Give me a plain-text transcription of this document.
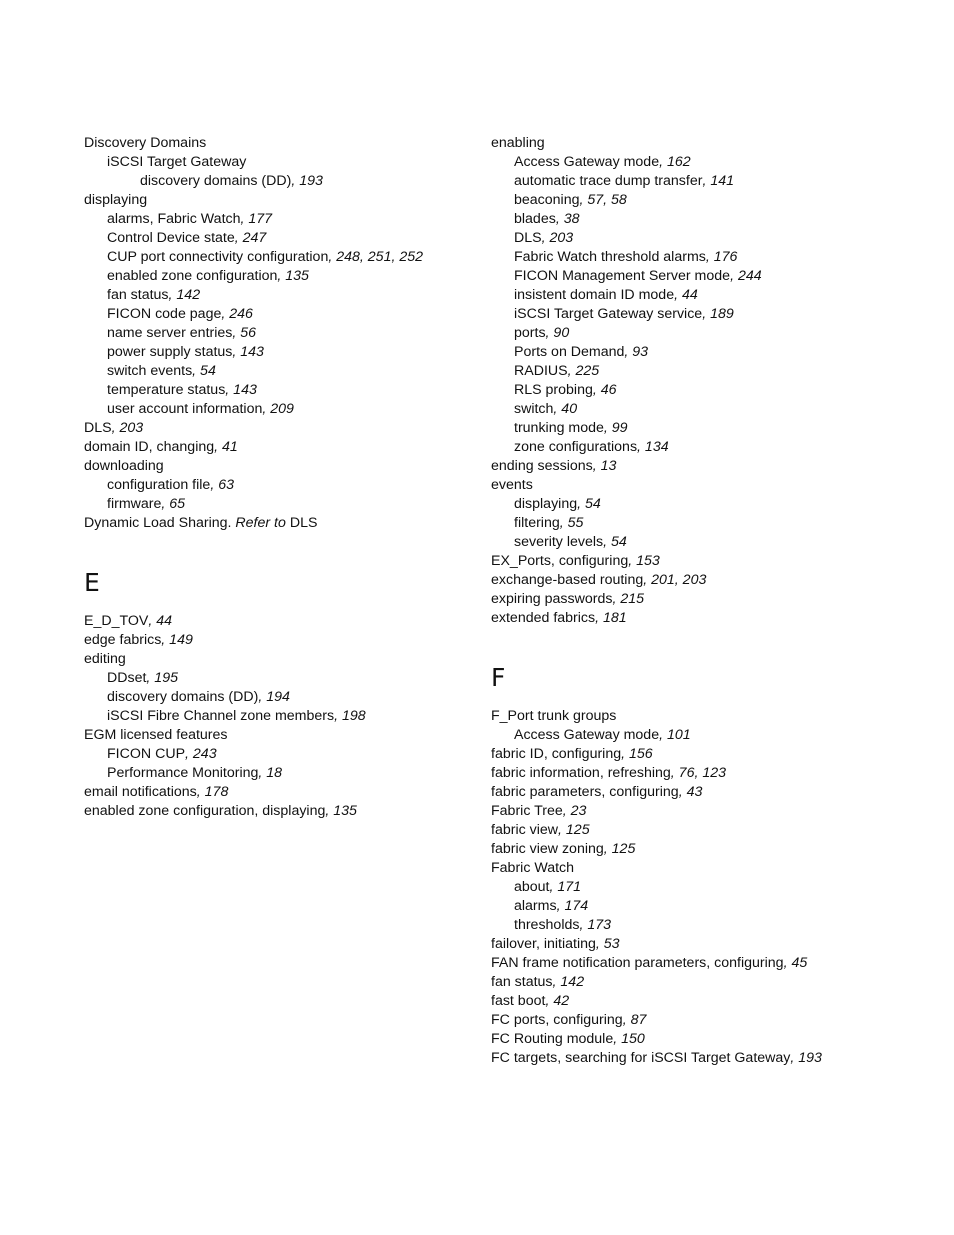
Discovery Domains
iSCSI Target Gateway
discovery domains (DD), 193
displaying
alarms, Fabric Watch, 177
Control Device state, 247
CUP port connectivity configuration, 248, 251, 252
enabled zone configuration, 135
fan status, 142
FICON code page, 246
name server entries, 56
power supply status, 143
switch events, 54
temperature status, 143
user account information, 209
DLS, 203
domain ID, changing, 41
downloading
configuration file, 63
firmware, 65
Dynamic Load Sharing. Refer to DLS
E
E_D_TOV, 44
edge fabrics, 149
editing
DDset, 195
discovery domains (DD), 194
iSCSI Fibre Channel zone members, 198
EGM licensed features
FICON CUP, 243
Performance Monitoring, 18
email notifications, 178
enabled zone configuration, displaying, 135
enabling
Access Gateway mode, 162
automatic trace dump transfer, 141
beaconing, 57, 58
blades, 38
DLS, 203
Fabric Watch threshold alarms, 176
FICON Management Server mode, 244
insistent domain ID mode, 44
iSCSI Target Gateway service, 189
ports, 90
Ports on Demand, 93
RADIUS, 225
RLS probing, 46
switch, 40
trunking mode, 99
zone configurations, 134
ending sessions, 13
events
displaying, 54
filtering, 55
severity levels, 54
EX_Ports, configuring, 153
exchange-based routing, 201, 203
expiring passwords, 215
extended fabrics, 181
F
F_Port trunk groups
Access Gateway mode, 101
fabric ID, configuring, 156
fabric information, refreshing, 76, 123
fabric parameters, configuring, 43
Fabric Tree, 23
fabric view, 125
fabric view zoning, 125
Fabric Watch
about, 171
alarms, 174
thresholds, 173
failover, initiating, 53
FAN frame notification parameters, configuring, 45
fan status, 142
fast boot, 42
FC ports, configuring, 87
FC Routing module, 150
FC targets, searching for iSCSI Target Gateway, 193
